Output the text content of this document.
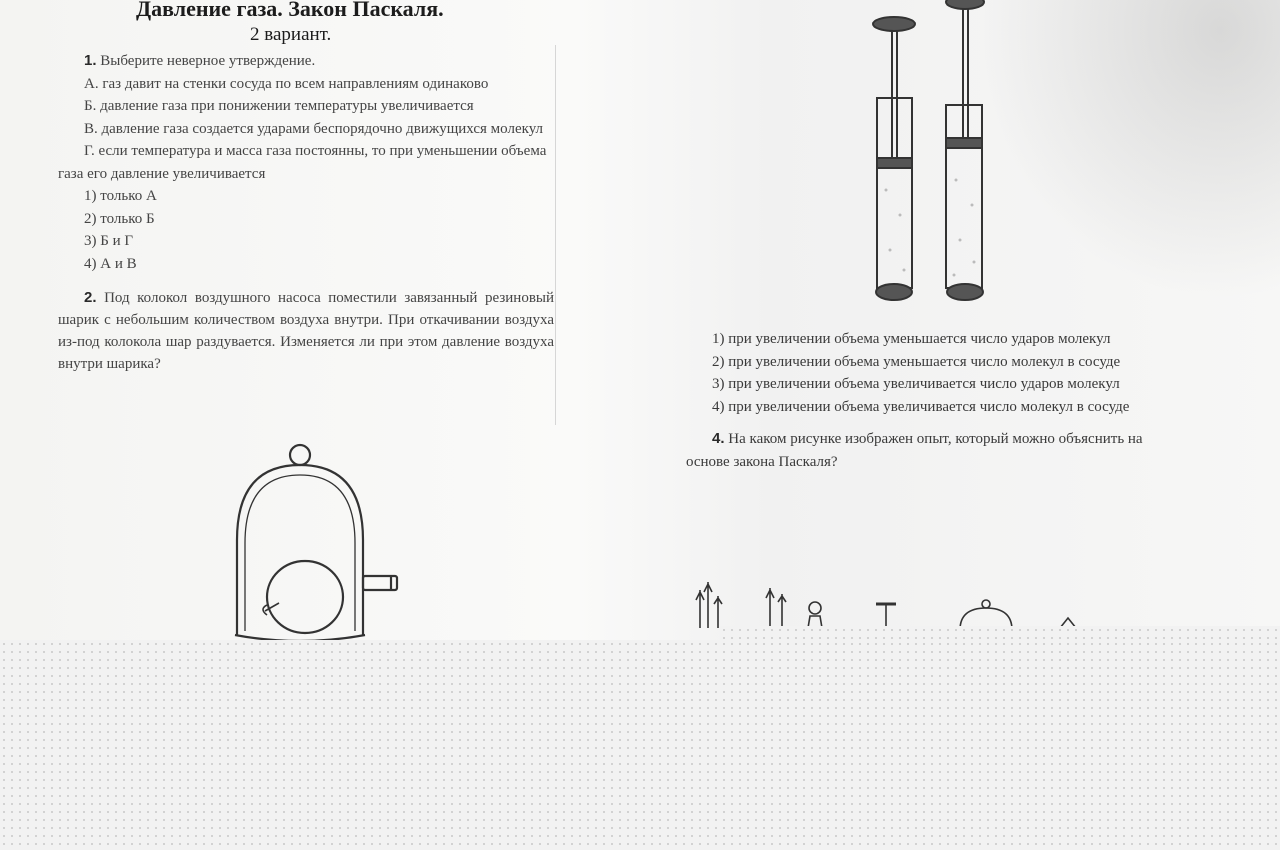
Давление газа. Закон Паскаля.
2 вариант.

1. Выберите неверное утверждение.

А. газ давит на стенки сосуда по всем направлениям одинаково

Б. давление газа при понижении температуры увеличивается

В. давление газа создается ударами беспорядочно движущихся молекул

Г. если температура и масса газа постоянны, то при уменьшении объема газа его давление увеличивается

1) только А

2) только Б

3) Б и Г

4) А и В

2. Под колокол воздушного насоса поместили завязанный резиновый шарик с небольшим количеством воздуха внутри. При откачивании воздуха из-под колокола шар раздувается. Изменяется ли при этом давление воздуха внутри шарика?

1) при увеличении объема уменьшается число ударов молекул

2) при увеличении объема уменьшается число молекул в сосуде

3) при увеличении объема увеличивается число ударов молекул

4) при увеличении объема увеличивается число молекул в сосуде

4. На каком рисунке изображен опыт, который можно объяснить на основе закона Паскаля?
